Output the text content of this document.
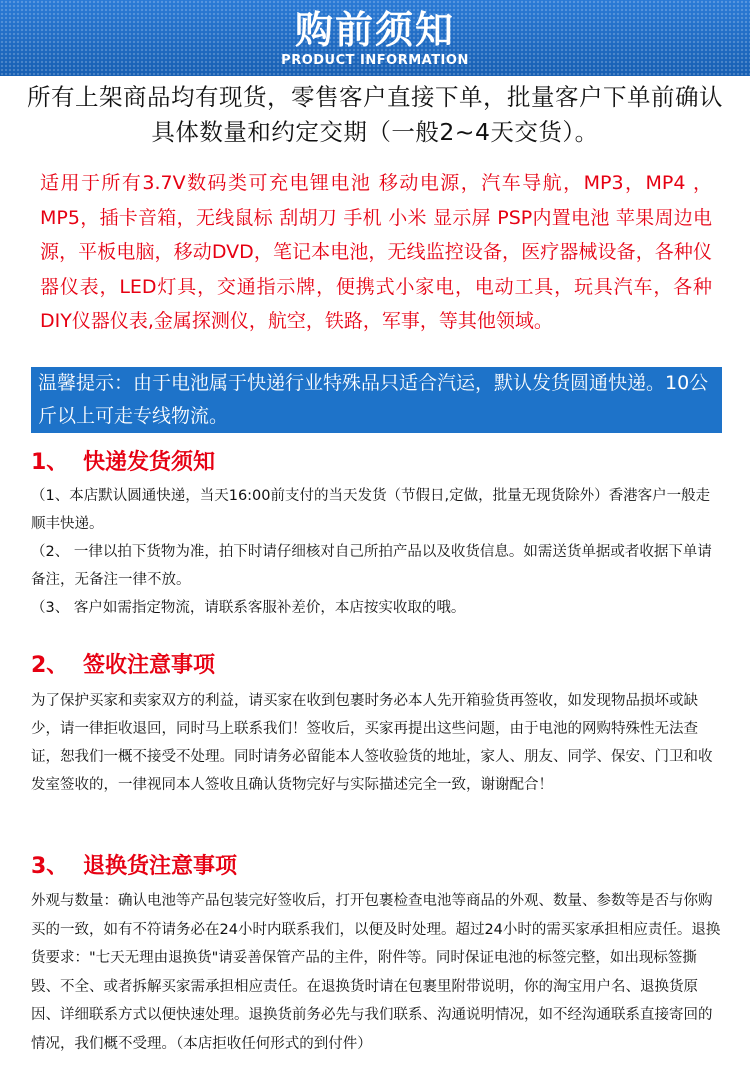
购前须知
PRODUCT INFORMATION
所有上架商品均有现货，零售客户直接下单，批量客户下单前确认具体数量和约定交期（一般2~4天交货）。
适用于所有3.7V数码类可充电锂电池 移动电源，汽车导航，MP3，MP4 ，MP5，插卡音箱，无线鼠标 刮胡刀 手机 小米 显示屏 PSP内置电池 苹果周边电源，平板电脑，移动DVD，笔记本电池，无线监控设备，医疗器械设备，各种仪器仪表，LED灯具，交通指示牌，便携式小家电，电动工具，玩具汽车，各种DIY仪器仪表,金属探测仪，航空，铁路，军事，等其他领域。
温馨提示：由于电池属于快递行业特殊品只适合汽运，默认发货圆通快递。10公斤以上可走专线物流。
1、 快递发货须知

（1、本店默认圆通快递，当天16:00前支付的当天发货（节假日,定做，批量无现货除外）香港客户一般走顺丰快递。

（2、 一律以拍下货物为准，拍下时请仔细核对自己所拍产品以及收货信息。如需送货单据或者收据下单请备注，无备注一律不放。

（3、 客户如需指定物流，请联系客服补差价，本店按实收取的哦。

2、 签收注意事项

为了保护买家和卖家双方的利益，请买家在收到包裹时务必本人先开箱验货再签收，如发现物品损坏或缺少，请一律拒收退回，同时马上联系我们！签收后，买家再提出这些问题，由于电池的网购特殊性无法查证，恕我们一概不接受不处理。同时请务必留能本人签收验货的地址，家人、朋友、同学、保安、门卫和收发室签收的，一律视同本人签收且确认货物完好与实际描述完全一致，谢谢配合！

3、 退换货注意事项

外观与数量：确认电池等产品包装完好签收后，打开包裹检查电池等商品的外观、数量、参数等是否与你购买的一致，如有不符请务必在24小时内联系我们，以便及时处理。超过24小时的需买家承担相应责任。退换货要求："七天无理由退换货"请妥善保管产品的主件，附件等。同时保证电池的标签完整，如出现标签撕毁、不全、或者拆解买家需承担相应责任。在退换货时请在包裹里附带说明，你的淘宝用户名、退换货原因、详细联系方式以便快速处理。退换货前务必先与我们联系、沟通说明情况，如不经沟通联系直接寄回的情况，我们概不受理。（本店拒收任何形式的到付件）
